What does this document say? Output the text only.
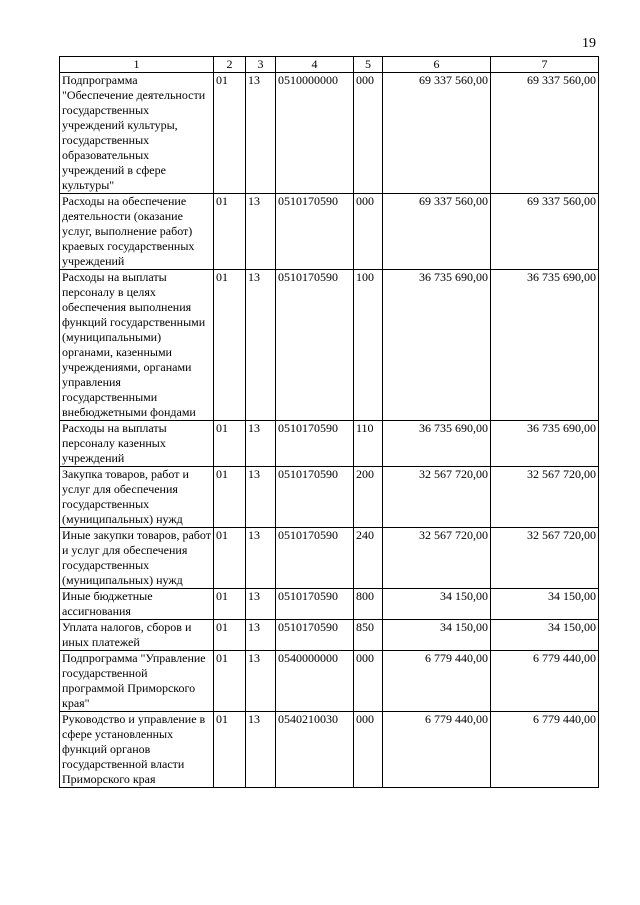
19
1	2	3	4	5	6	7
Подпрограмма "Обеспечение деятельности государственных учреждений культуры, государственных образовательных учреждений в сфере культуры"	01	13	0510000000	000	69 337 560,00	69 337 560,00
Расходы на обеспечение деятельности (оказание услуг, выполнение работ) краевых государственных учреждений	01	13	0510170590	000	69 337 560,00	69 337 560,00
Расходы на выплаты персоналу в целях обеспечения выполнения функций государственными (муниципальными) органами, казенными учреждениями, органами управления государственными внебюджетными фондами	01	13	0510170590	100	36 735 690,00	36 735 690,00
Расходы на выплаты персоналу казенных учреждений	01	13	0510170590	110	36 735 690,00	36 735 690,00
Закупка товаров, работ и услуг для обеспечения государственных (муниципальных) нужд	01	13	0510170590	200	32 567 720,00	32 567 720,00
Иные закупки товаров, работ и услуг для обеспечения государственных (муниципальных) нужд	01	13	0510170590	240	32 567 720,00	32 567 720,00
Иные бюджетные ассигнования	01	13	0510170590	800	34 150,00	34 150,00
Уплата налогов, сборов и иных платежей	01	13	0510170590	850	34 150,00	34 150,00
Подпрограмма "Управление государственной программой Приморского края"	01	13	0540000000	000	6 779 440,00	6 779 440,00
Руководство и управление в сфере установленных функций органов государственной власти Приморского края	01	13	0540210030	000	6 779 440,00	6 779 440,00
